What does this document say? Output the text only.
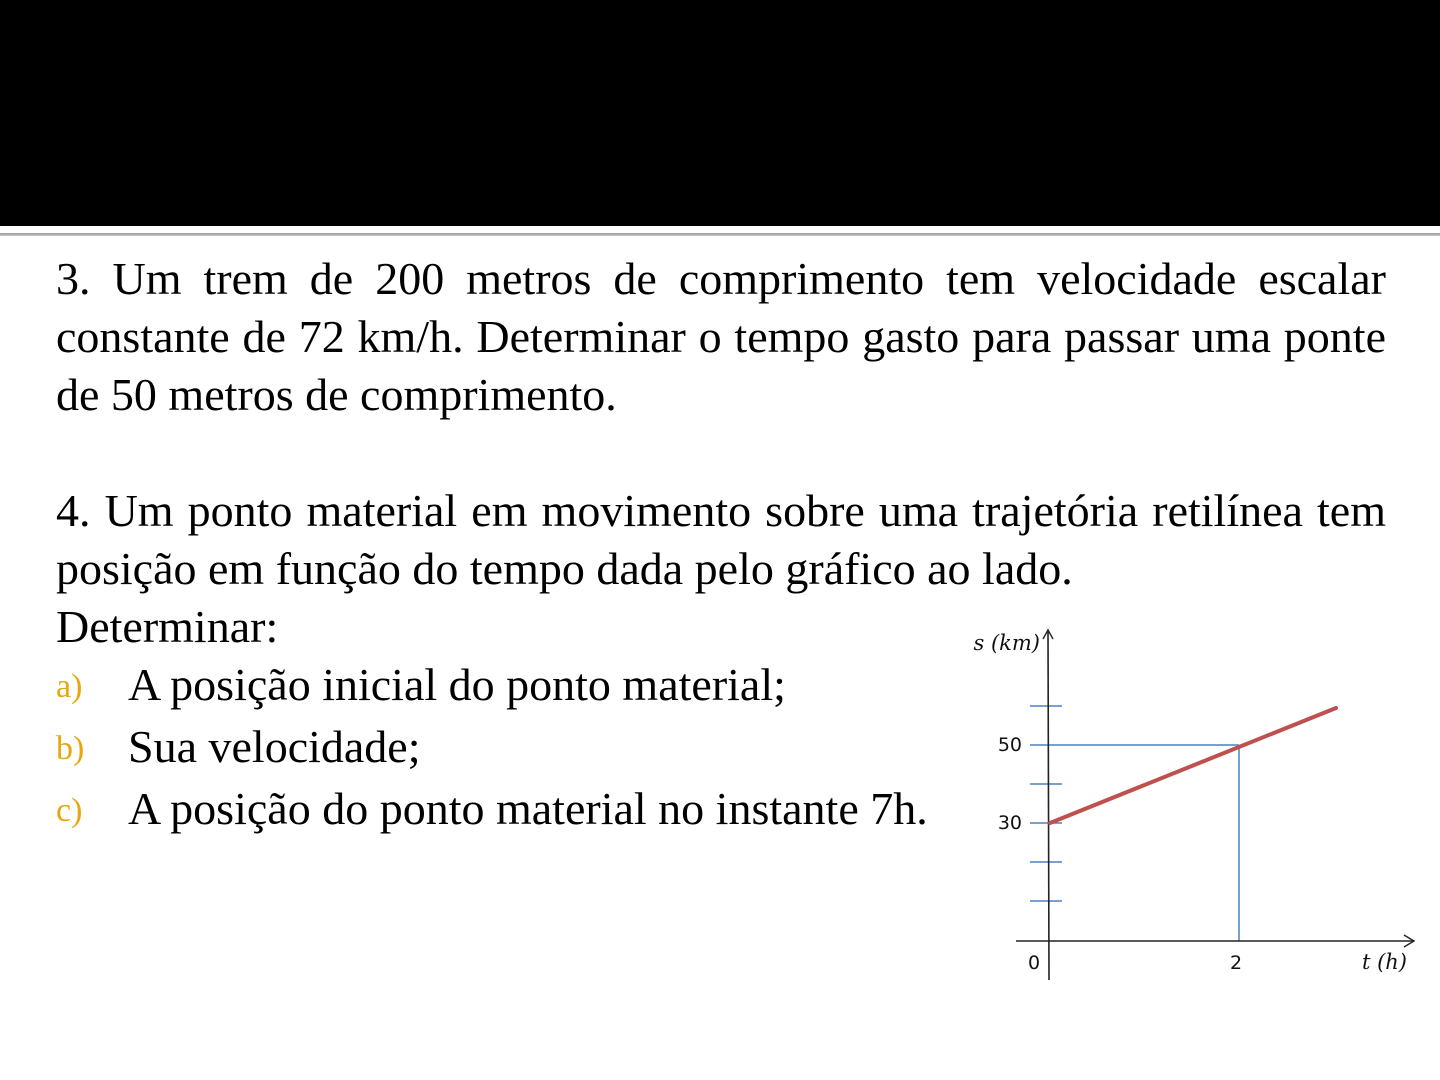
3. Um trem de 200 metros de comprimento tem velocidade escalar constante de 72 km/h. Determinar o tempo gasto para passar uma ponte de 50 metros de comprimento.

4. Um ponto material em movimento sobre uma trajetória retilínea tem posição em função do tempo dada pelo gráfico ao lado.

Determinar:

a) A posição inicial do ponto material;
b) Sua velocidade;
c) A posição do ponto material no instante 7h.
50
30
0	2
s (km)
t (h)
